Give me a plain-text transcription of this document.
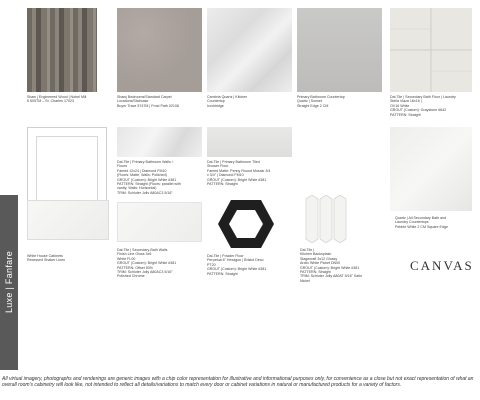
Shaw | Engineered Wood | Nobel Mill
6 605TM – St. Charles 17023
Shaw| Bedrooms/Standard Carpet
Locations/Staircase
Buyer Trace 5747M | Frost Path 02108
Cambria Quartz | Kitchen
Countertop
Ivoridridge
Primary Bathroom Countertop
Quartz | Sunset
Straight Edge 2 CM
Dal-Tile | Secondary Bath Floor | Laundry
Stella Viaza 16x16 |
OV16 White
GROUT (Custom): Graystone #642
PATTERN: Straight
White House Cabinets
Recessed Shaker Linen
Dal-Tile | Primary Bathroom Walls /
Floors
Famed 12x24 | Diamond FM10
(Floors: Matte, Walls: Polished)
GROUT (Custom): Bright White #381
PATTERN: Straight (Floors: parallel with
vanity; Walls: Horizontal)
TRIM: Schluter Jolly A80AC3 5/16"
Dal-Tile | Primary Bathroom Tiled
Shower Floor
Famed Matte: Penny Round Mosaic 3/4
x 3/4" | Diamond FM10
GROUT (Custom): Bright White #381
PATTERN: Straight
Quartz | All Secondary Bath and
Laundry Countertops
Pebble White 2 CM Square Edge
Dal-Tile | Secondary Bath Walls
Finish Line Gloss 3x6
White FL00
GROUT (Custom): Bright White #381
PATTERN: Offset 50%
TRIM: Schluter Jolly A80AC3 5/16"
Polished Chrome
Dal-Tile | Powder Floor
Perpetua 6" Hexagon | Bristol Deco
PT20
GROUT (Custom): Bright White #381
PATTERN: Straight
Dal-Tile |
Kitchen Backsplash
Stagecraft 3x12 Glossy
Arctic White Picket DN00
GROUT (Custom): Bright White #381
PATTERN: Straight
TRIM: Schluter Jolly A80AT 5/16" Satin
Nickel
CANVAS
Luxe | Fanfare
All virtual imagery, photographs and renderings are generic images with a chip color representation for illustrative and informational purposes only, for convenience as a close but not exact representation of what an overall room's cabinetry will look like, not intended to reflect all details/variations to match every door or cabinet variations in natural or manufactured products for a variety of factors.
